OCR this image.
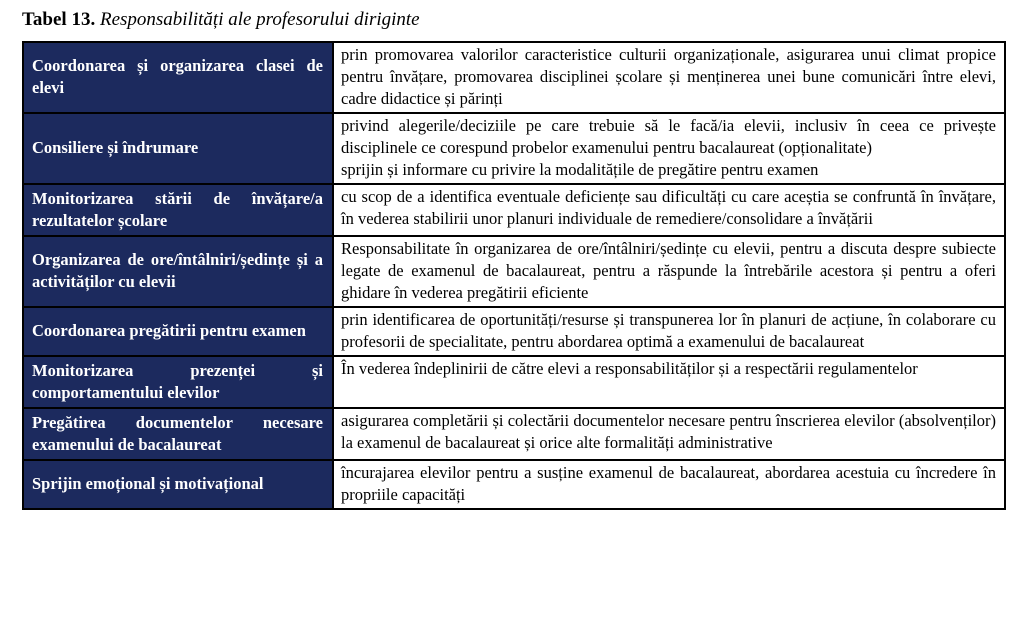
Tabel 13. Responsabilități ale profesorului diriginte

Coordonarea și organizarea clasei de elevi	prin promovarea valorilor caracteristice culturii organizaționale, asigurarea unui climat propice pentru învățare, promovarea disciplinei școlare și menținerea unei bune comunicări între elevi, cadre didactice și părinți

Consiliere și îndrumare	privind alegerile/deciziile pe care trebuie să le facă/ia elevii, inclusiv în ceea ce privește disciplinele ce corespund probelor examenului pentru bacalaureat (opționalitate)

sprijin și informare cu privire la modalitățile de pregătire pentru examen

Monitorizarea stării de învățare/a rezultatelor școlare	cu scop de a identifica eventuale deficiențe sau dificultăți cu care aceștia se confruntă în învățare, în vederea stabilirii unor planuri individuale de remediere/consolidare a învățării

Organizarea de ore/întâlniri/ședințe și a activităților cu elevii	Responsabilitate în organizarea de ore/întâlniri/ședințe cu elevii, pentru a discuta despre subiecte legate de examenul de bacalaureat, pentru a răspunde la întrebările acestora și pentru a oferi ghidare în vederea pregătirii eficiente

Coordonarea pregătirii pentru examen	prin identificarea de oportunități/resurse și transpunerea lor în planuri de acțiune, în colaborare cu profesorii de specialitate, pentru abordarea optimă a examenului de bacalaureat

Monitorizarea prezenței și comportamentului elevilor	În vederea îndeplinirii de către elevi a responsabilităților și a respectării regulamentelor

Pregătirea documentelor necesare examenului de bacalaureat	asigurarea completării și colectării documentelor necesare pentru înscrierea elevilor (absolvenților) la examenul de bacalaureat și orice alte formalități administrative

Sprijin emoțional și motivațional	încurajarea elevilor pentru a susține examenul de bacalaureat, abordarea acestuia cu încredere în propriile capacități
